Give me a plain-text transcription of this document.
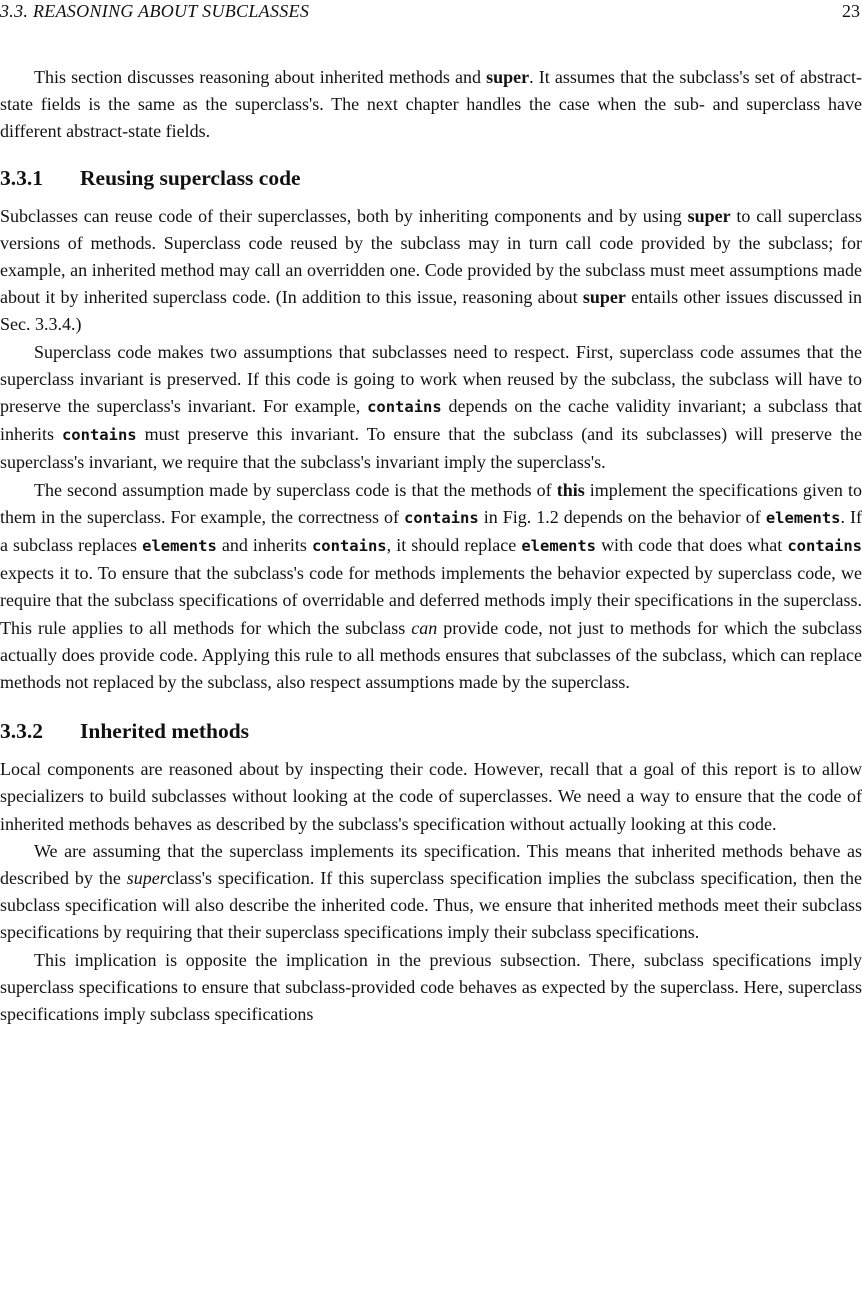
3.3. REASONING ABOUT SUBCLASSES	23

This section discusses reasoning about inherited methods and super. It assumes that the subclass's set of abstract-state fields is the same as the superclass's. The next chapter handles the case when the sub- and superclass have different abstract-state fields.

3.3.1 Reusing superclass code

Subclasses can reuse code of their superclasses, both by inheriting components and by using super to call superclass versions of methods. Superclass code reused by the subclass may in turn call code provided by the subclass; for example, an inherited method may call an overridden one. Code provided by the subclass must meet assumptions made about it by inherited superclass code. (In addition to this issue, reasoning about super entails other issues discussed in Sec. 3.3.4.)

Superclass code makes two assumptions that subclasses need to respect. First, superclass code assumes that the superclass invariant is preserved. If this code is going to work when reused by the subclass, the subclass will have to preserve the superclass's invariant. For example, contains depends on the cache validity invariant; a subclass that inherits contains must preserve this invariant. To ensure that the subclass (and its subclasses) will preserve the superclass's invariant, we require that the subclass's invariant imply the superclass's.

The second assumption made by superclass code is that the methods of this implement the specifications given to them in the superclass. For example, the correctness of contains in Fig. 1.2 depends on the behavior of elements. If a subclass replaces elements and inherits contains, it should replace elements with code that does what contains expects it to. To ensure that the subclass's code for methods implements the behavior expected by superclass code, we require that the subclass specifications of overridable and deferred methods imply their specifications in the superclass. This rule applies to all methods for which the subclass can provide code, not just to methods for which the subclass actually does provide code. Applying this rule to all methods ensures that subclasses of the subclass, which can replace methods not replaced by the subclass, also respect assumptions made by the superclass.

3.3.2 Inherited methods

Local components are reasoned about by inspecting their code. However, recall that a goal of this report is to allow specializers to build subclasses without looking at the code of superclasses. We need a way to ensure that the code of inherited methods behaves as described by the subclass's specification without actually looking at this code.

We are assuming that the superclass implements its specification. This means that inherited methods behave as described by the superclass's specification. If this superclass specification implies the subclass specification, then the subclass specification will also describe the inherited code. Thus, we ensure that inherited methods meet their subclass specifications by requiring that their superclass specifications imply their subclass specifications.

This implication is opposite the implication in the previous subsection. There, subclass specifications imply superclass specifications to ensure that subclass-provided code behaves as expected by the superclass. Here, superclass specifications imply subclass specifications
